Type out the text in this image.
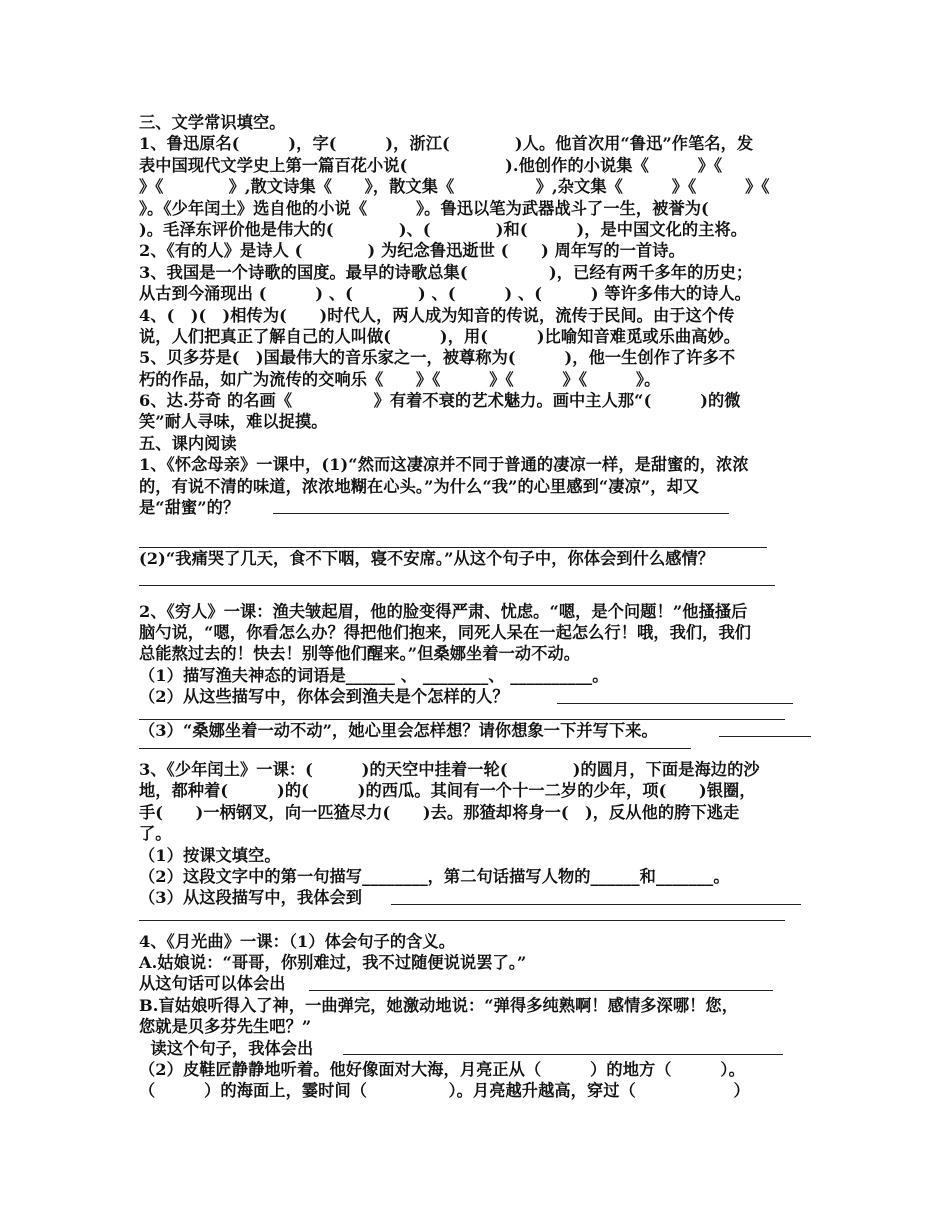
三、文学常识填空。
1、鲁迅原名(　　　)，字(　　　)，浙江(　　　　)人。他首次用“鲁迅”作笔名，发
表中国现代文学史上第一篇百花小说(　　　　　　).他创作的小说集《　　　》《
》《　　　　》,散文诗集《　　》，散文集《　　　　　》,杂文集《　　　》《　　　》《
》。《少年闰土》选自他的小说《　　　》。鲁迅以笔为武器战斗了一生，被誉为(
)。毛泽东评价他是伟大的(　　　　)、(　　　　)和(　　　)，是中国文化的主将。
2、《有的人》是诗人 (　　　　) 为纪念鲁迅逝世 (　　) 周年写的一首诗。
3、我国是一个诗歌的国度。最早的诗歌总集(　　　　　)，已经有两千多年的历史；
从古到今涌现出 (　　　) 、(　　　　) 、(　　　) 、(　　　) 等许多伟大的诗人。
4、(　)(　)相传为(　　)时代人，两人成为知音的传说，流传于民间。由于这个传
说，人们把真正了解自己的人叫做(　　　)，用(　　　)比喻知音难觅或乐曲高妙。
5、贝多芬是(　)国最伟大的音乐家之一，被尊称为(　　　)，他一生创作了许多不
朽的作品，如广为流传的交响乐《　　》《　　　》《　　　》《　　　》。
6、达.芬奇 的名画《　　　　　》有着不衰的艺术魅力。画中主人那“(　　　)的微
笑”耐人寻味，难以捉摸。
五、课内阅读
1、《怀念母亲》一课中，(1)“然而这凄凉并不同于普通的凄凉一样，是甜蜜的，浓浓
的，有说不清的味道，浓浓地糊在心头。”为什么“我”的心里感到“凄凉”，却又
是“甜蜜”的？
(2)“我痛哭了几天，食不下咽，寝不安席。”从这个句子中，你体会到什么感情？
2、《穷人》一课：渔夫皱起眉，他的脸变得严肃、忧虑。“嗯，是个问题！”他搔搔后
脑勺说，“嗯，你看怎么办？得把他们抱来，同死人呆在一起怎么行！哦，我们，我们
总能熬过去的！快去！别等他们醒来。”但桑娜坐着一动不动。
（1）描写渔夫神态的词语是______ 、 ________、 __________。
（2）从这些描写中，你体会到渔夫是个怎样的人？
（3）“桑娜坐着一动不动”，她心里会怎样想？请你想象一下并写下来。
3、《少年闰土》一课：(　　　)的天空中挂着一轮(　　　　)的圆月，下面是海边的沙
地，都种着(　　　)的(　　　)的西瓜。其间有一个十一二岁的少年，项(　　)银圈，
手(　　)一柄钢叉，向一匹猹尽力(　　)去。那猹却将身一(　)，反从他的胯下逃走
了。
（1）按课文填空。
（2）这段文字中的第一句描写________，第二句话描写人物的______和_______。
（3）从这段描写中，我体会到
4、《月光曲》一课：（1）体会句子的含义。
A.姑娘说：“哥哥，你别难过，我不过随便说说罢了。”
从这句话可以体会出
B.盲姑娘听得入了神，一曲弹完，她激动地说：“弹得多纯熟啊！感情多深哪！您，
您就是贝多芬先生吧？”
读这个句子，我体会出
（2）皮鞋匠静静地听着。他好像面对大海，月亮正从（　　　）的地方（　　　）。
（　　　）的海面上，霎时间（　　　　　）。月亮越升越高，穿过（　　　　　　）
